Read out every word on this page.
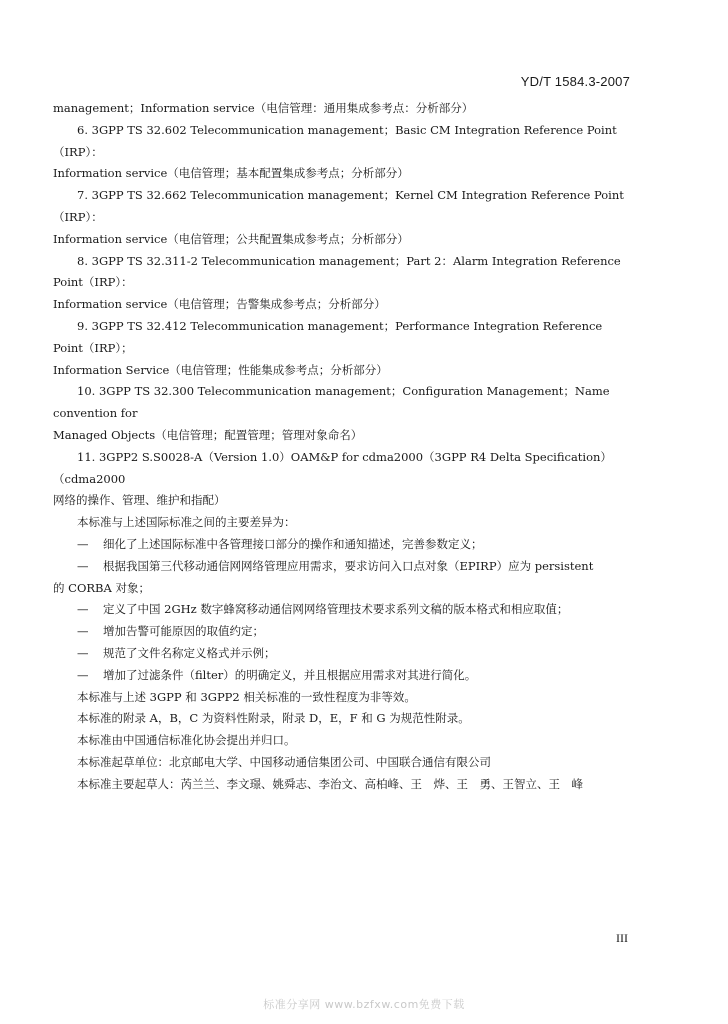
YD/T 1584.3-2007

management；Information service（电信管理：通用集成参考点：分析部分）

6. 3GPP TS 32.602 Telecommunication management；Basic CM Integration Reference Point（IRP）：

Information service（电信管理；基本配置集成参考点；分析部分）

7. 3GPP TS 32.662 Telecommunication management；Kernel CM Integration Reference Point（IRP）：

Information service（电信管理；公共配置集成参考点；分析部分）

8. 3GPP TS 32.311-2 Telecommunication management；Part 2：Alarm Integration Reference Point（IRP）：

Information service（电信管理；告警集成参考点；分析部分）

9. 3GPP TS 32.412 Telecommunication management；Performance Integration Reference Point（IRP）；

Information Service（电信管理；性能集成参考点；分析部分）

10. 3GPP TS 32.300 Telecommunication management；Configuration Management；Name convention for

Managed Objects（电信管理；配置管理；管理对象命名）

11. 3GPP2 S.S0028-A（Version 1.0）OAM&P for cdma2000（3GPP R4 Delta Specification）（cdma2000

网络的操作、管理、维护和指配）

本标准与上述国际标准之间的主要差异为：

— 细化了上述国际标准中各管理接口部分的操作和通知描述，完善参数定义；

— 根据我国第三代移动通信网网络管理应用需求，要求访问入口点对象（EPIRP）应为 persistent

的 CORBA 对象；

— 定义了中国 2GHz 数字蜂窝移动通信网网络管理技术要求系列文稿的版本格式和相应取值；

— 增加告警可能原因的取值约定；

— 规范了文件名称定义格式并示例；

— 增加了过滤条件（filter）的明确定义，并且根据应用需求对其进行简化。

本标准与上述 3GPP 和 3GPP2 相关标准的一致性程度为非等效。

本标准的附录 A，B，C 为资料性附录，附录 D，E，F 和 G 为规范性附录。

本标准由中国通信标准化协会提出并归口。

本标准起草单位：北京邮电大学、中国移动通信集团公司、中国联合通信有限公司

本标准主要起草人：芮兰兰、李文璟、姚舜志、李治文、高柏峰、王　烨、王　勇、王智立、王　峰

III
标准分享网 www.bzfxw.com免费下载
